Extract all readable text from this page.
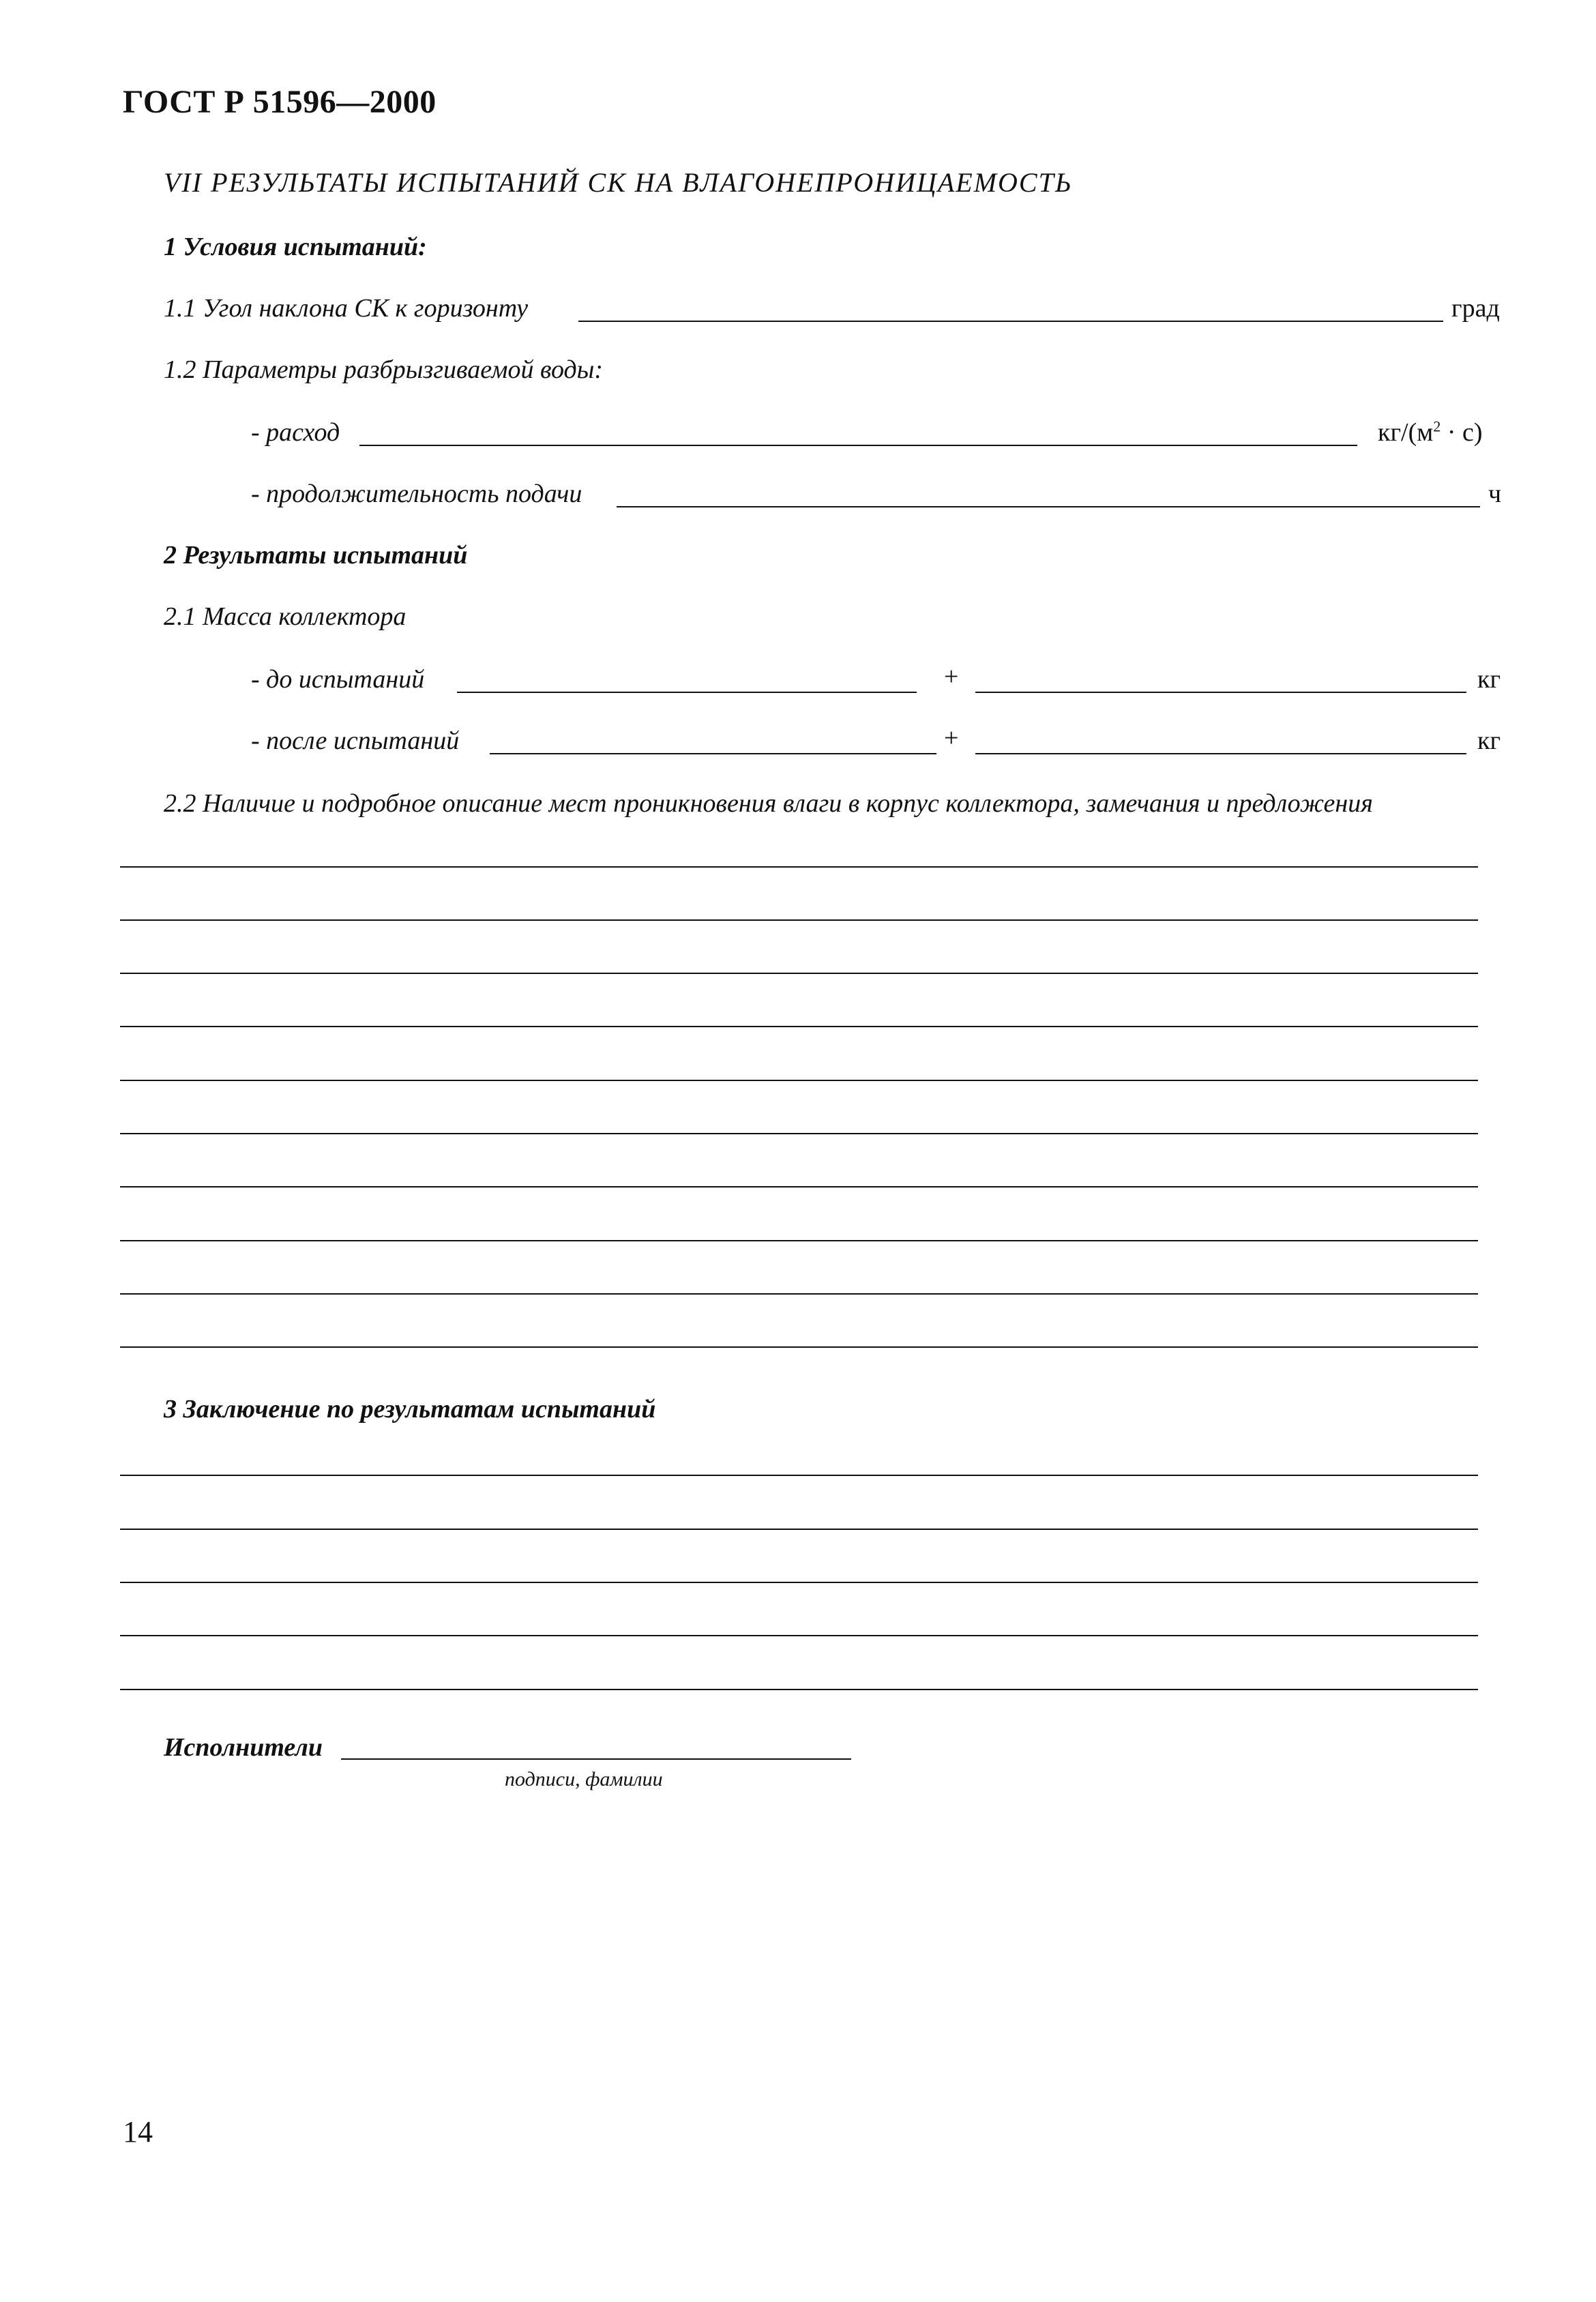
ГОСТ Р 51596—2000
VII РЕЗУЛЬТАТЫ ИСПЫТАНИЙ СК НА ВЛАГОНЕПРОНИЦАЕМОСТЬ
1 Условия испытаний:
1.1 Угол наклона СК к горизонту	град
1.2 Параметры разбрызгиваемой воды:
- расход	$кг/(м^2 \cdot с)$
- продолжительность подачи	ч
2 Результаты испытаний
2.1 Масса коллектора
- до испытаний	+	кг
- после испытаний	+	кг
2.2 Наличие и подробное описание мест проникновения влаги в корпус коллектора, замечания и предложения
3 Заключение по результатам испытаний
Исполнители
подписи, фамилии
14
